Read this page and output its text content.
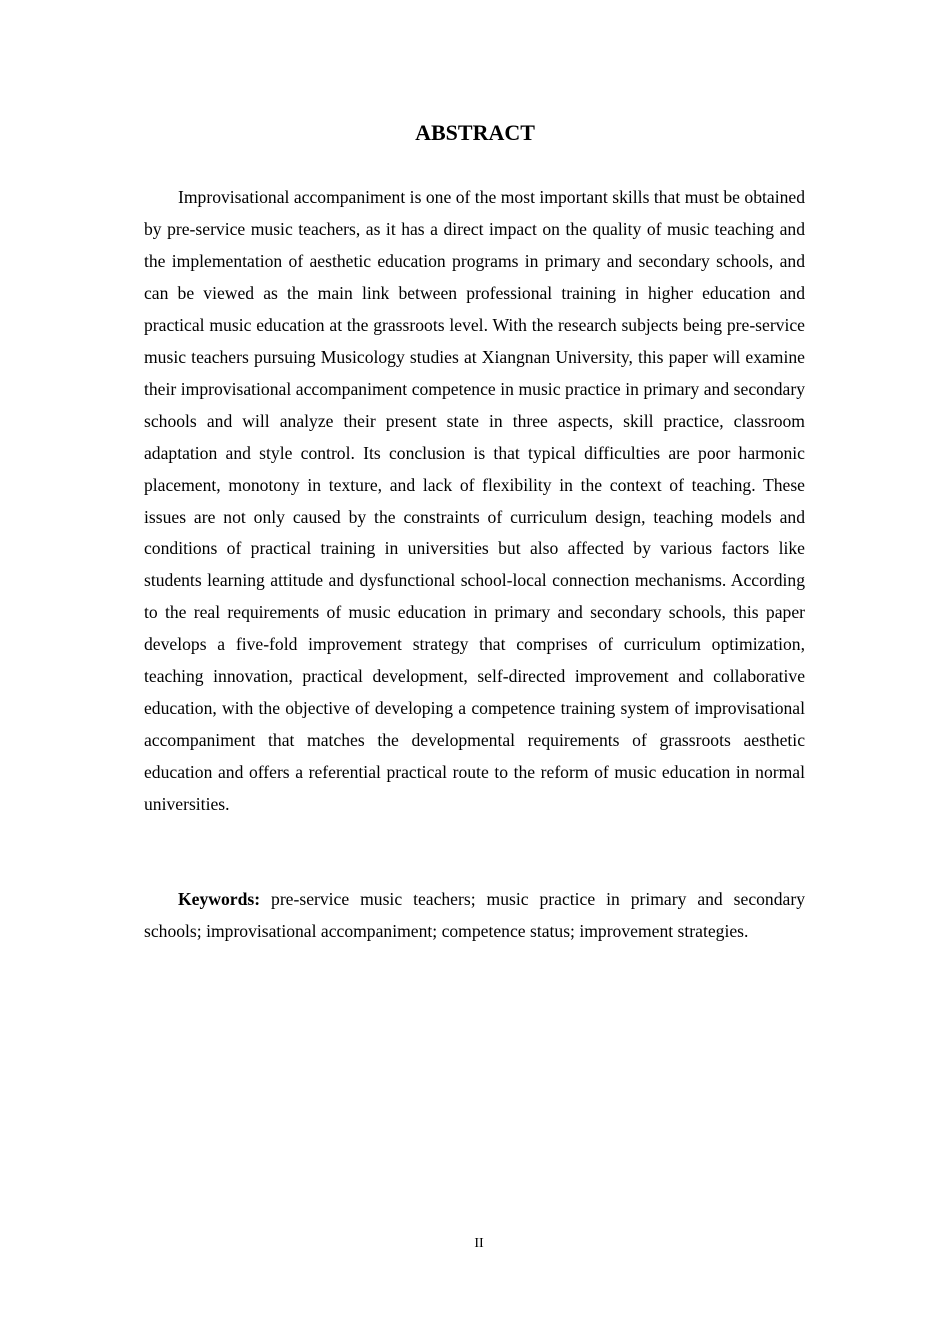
ABSTRACT

Improvisational accompaniment is one of the most important skills that must be obtained by pre-service music teachers, as it has a direct impact on the quality of music teaching and the implementation of aesthetic education programs in primary and secondary schools, and can be viewed as the main link between professional training in higher education and practical music education at the grassroots level. With the research subjects being pre-service music teachers pursuing Musicology studies at Xiangnan University, this paper will examine their improvisational accompaniment competence in music practice in primary and secondary schools and will analyze their present state in three aspects, skill practice, classroom adaptation and style control. Its conclusion is that typical difficulties are poor harmonic placement, monotony in texture, and lack of flexibility in the context of teaching. These issues are not only caused by the constraints of curriculum design, teaching models and conditions of practical training in universities but also affected by various factors like students learning attitude and dysfunctional school-local connection mechanisms. According to the real requirements of music education in primary and secondary schools, this paper develops a five-fold improvement strategy that comprises of curriculum optimization, teaching innovation, practical development, self-directed improvement and collaborative education, with the objective of developing a competence training system of improvisational accompaniment that matches the developmental requirements of grassroots aesthetic education and offers a referential practical route to the reform of music education in normal universities.

Keywords: pre-service music teachers; music practice in primary and secondary schools; improvisational accompaniment; competence status; improvement strategies.

II
